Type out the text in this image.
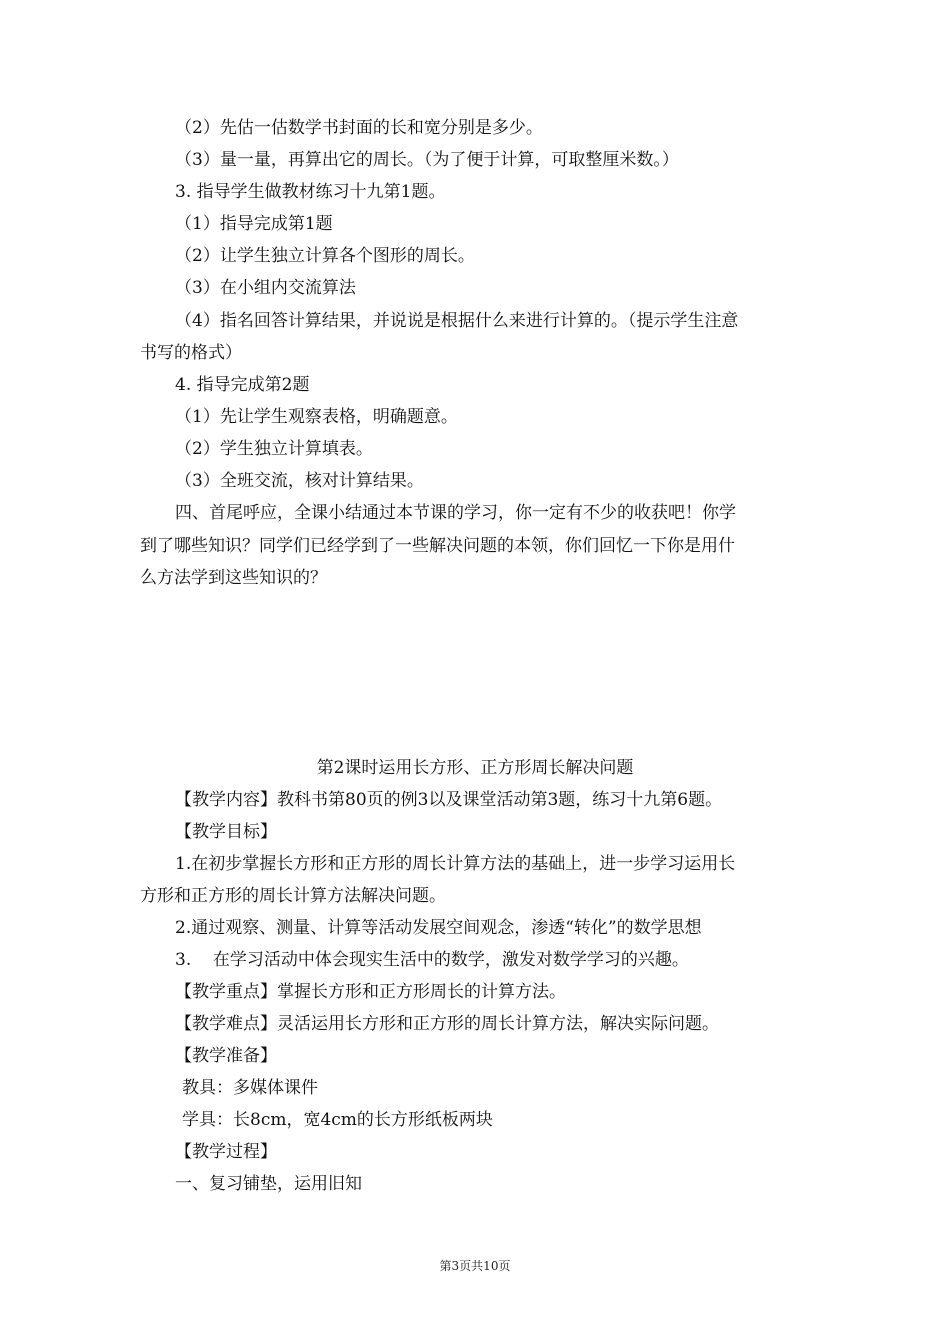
（2）先估一估数学书封面的长和宽分别是多少。
（3）量一量，再算出它的周长。（为了便于计算，可取整厘米数。）
3. 指导学生做教材练习十九第1题。
（1）指导完成第1题
（2）让学生独立计算各个图形的周长。
（3）在小组内交流算法
（4）指名回答计算结果，并说说是根据什么来进行计算的。（提示学生注意
书写的格式）
4. 指导完成第2题
（1）先让学生观察表格，明确题意。
（2）学生独立计算填表。
（3）全班交流，核对计算结果。
四、首尾呼应，全课小结通过本节课的学习，你一定有不少的收获吧！你学
到了哪些知识？同学们已经学到了一些解决问题的本领，你们回忆一下你是用什
么方法学到这些知识的？
第2课时运用长方形、正方形周长解决问题
【教学内容】教科书第80页的例3以及课堂活动第3题，练习十九第6题。
【教学目标】
1.在初步掌握长方形和正方形的周长计算方法的基础上，进一步学习运用长
方形和正方形的周长计算方法解决问题。
2.通过观察、测量、计算等活动发展空间观念，渗透“转化”的数学思想
3.    在学习活动中体会现实生活中的数学，激发对数学学习的兴趣。
【教学重点】掌握长方形和正方形周长的计算方法。
【教学难点】灵活运用长方形和正方形的周长计算方法，解决实际问题。
【教学准备】
教具：多媒体课件
学具：长8cm，宽4cm的长方形纸板两块
【教学过程】
一、复习铺垫，运用旧知
第3页共10页
